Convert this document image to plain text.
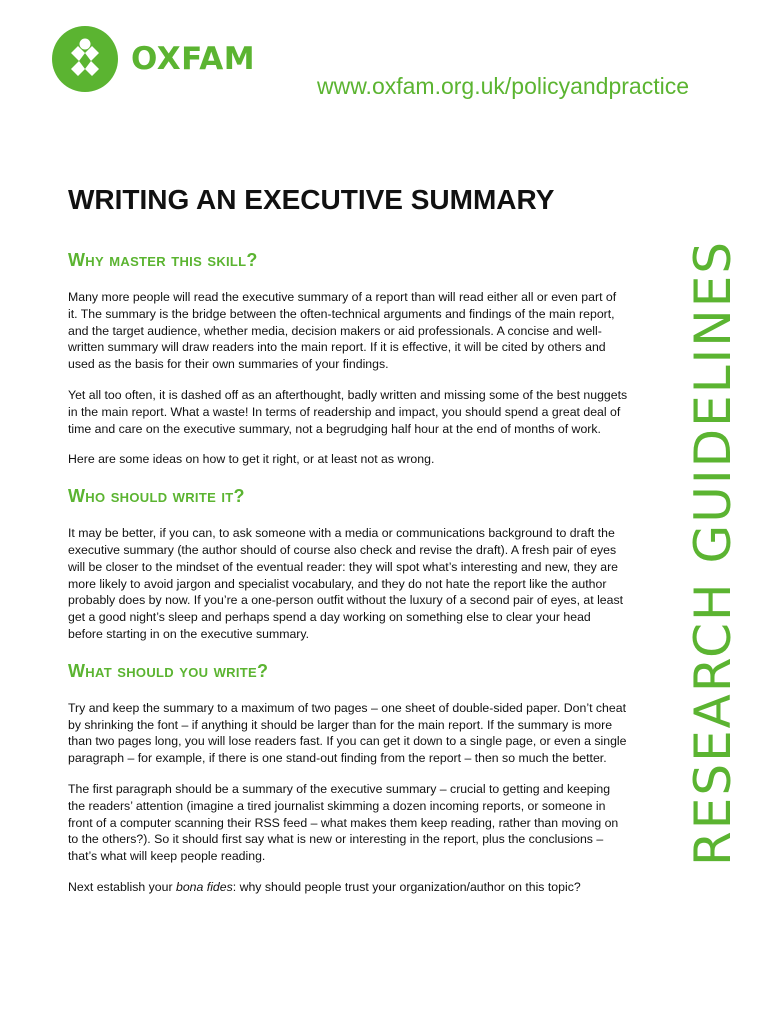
OXFAM
www.oxfam.org.uk/policyandpractice
RESEARCH GUIDELINES
WRITING AN EXECUTIVE SUMMARY
Why master this skill?

Many more people will read the executive summary of a report than will read either all or even part of it. The summary is the bridge between the often-technical arguments and findings of the main report, and the target audience, whether media, decision makers or aid professionals. A concise and well-written summary will draw readers into the main report. If it is effective, it will be cited by others and used as the basis for their own summaries of your findings.

Yet all too often, it is dashed off as an afterthought, badly written and missing some of the best nuggets in the main report. What a waste! In terms of readership and impact, you should spend a great deal of time and care on the executive summary, not a begrudging half hour at the end of months of work.

Here are some ideas on how to get it right, or at least not as wrong.

Who should write it?

It may be better, if you can, to ask someone with a media or communications background to draft the executive summary (the author should of course also check and revise the draft). A fresh pair of eyes will be closer to the mindset of the eventual reader: they will spot what’s interesting and new, they are more likely to avoid jargon and specialist vocabulary, and they do not hate the report like the author probably does by now. If you’re a one-person outfit without the luxury of a second pair of eyes, at least get a good night’s sleep and perhaps spend a day working on something else to clear your head before starting in on the executive summary.

What should you write?

Try and keep the summary to a maximum of two pages – one sheet of double-sided paper. Don’t cheat by shrinking the font – if anything it should be larger than for the main report. If the summary is more than two pages long, you will lose readers fast. If you can get it down to a single page, or even a single paragraph – for example, if there is one stand-out finding from the report – then so much the better.

The first paragraph should be a summary of the executive summary – crucial to getting and keeping the readers’ attention (imagine a tired journalist skimming a dozen incoming reports, or someone in front of a computer scanning their RSS feed – what makes them keep reading, rather than moving on to the others?). So it should first say what is new or interesting in the report, plus the conclusions – that’s what will keep people reading.

Next establish your bona fides: why should people trust your organization/author on this topic?
